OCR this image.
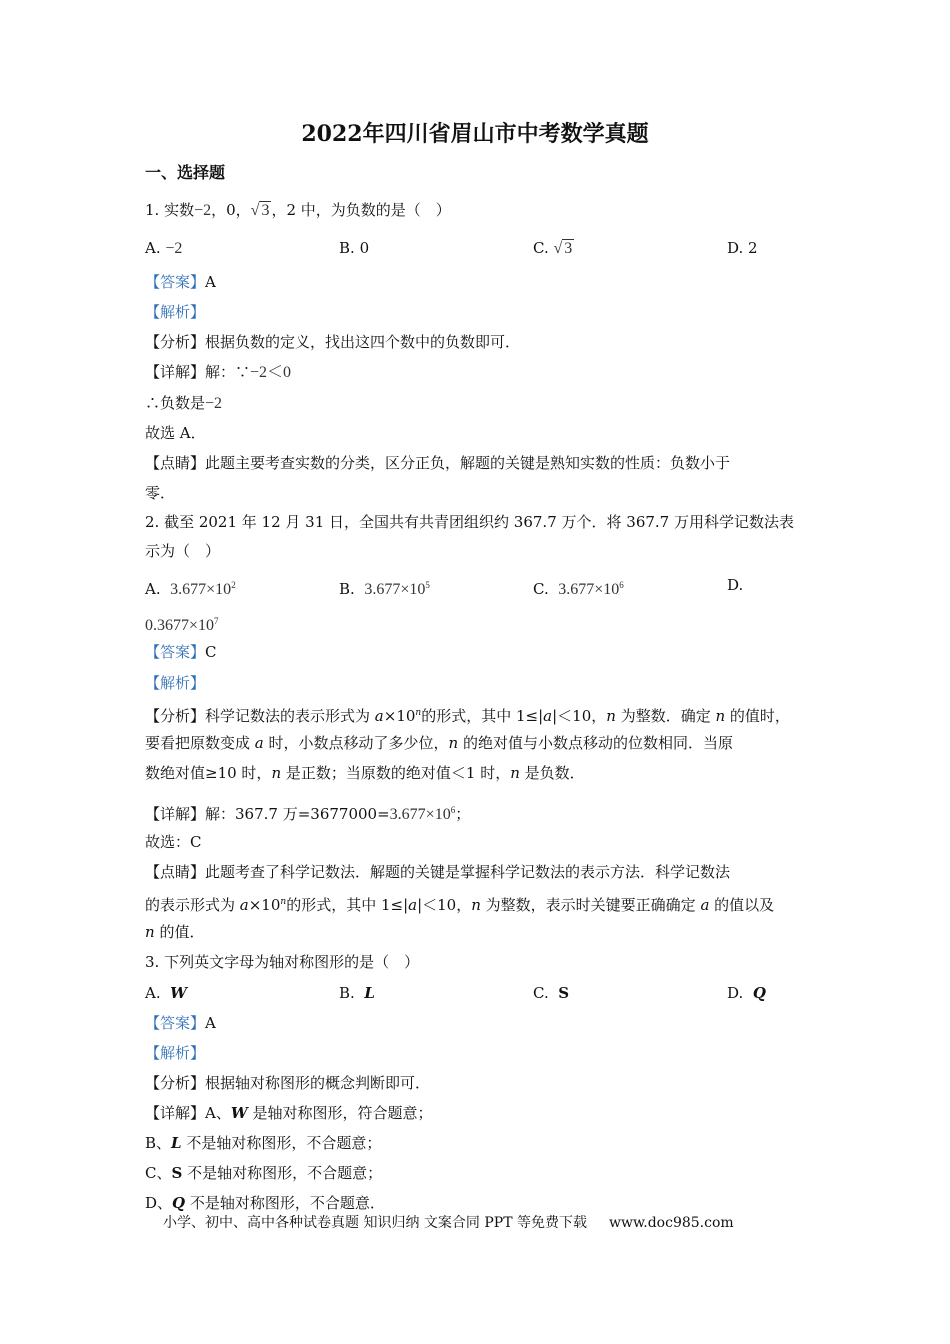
2022年四川省眉山市中考数学真题
一、选择题
1. 实数−2，0，√ 3 ，2 中，为负数的是（　）
A. −2	B. 0	C. √ 3	D. 2
【答案】A
【解析】
【分析】根据负数的定义，找出这四个数中的负数即可．
【详解】解：∵−2＜0
∴负数是−2
故选 A．
【点睛】此题主要考查实数的分类，区分正负，解题的关键是熟知实数的性质：负数小于
零．
2. 截至 2021 年 12 月 31 日，全国共有共青团组织约 367.7 万个．将 367.7 万用科学记数法表
示为（　）
A. $3.677\times 10^2$	B. $3.677\times 10^5$	C. $3.677\times 10^6$	D.
$0.3677\times 10^7$
【答案】C
【解析】
【分析】科学记数法的表示形式为 $a\times 10^n$的形式，其中 1≤|a|＜10，n 为整数．确定 n 的值时，
要看把原数变成 a 时，小数点移动了多少位，n 的绝对值与小数点移动的位数相同．当原
数绝对值≥10 时，n 是正数；当原数的绝对值＜1 时，n 是负数．
【详解】解：367.7 万$=3677000=3.677\times 10^6$；
故选：C
【点睛】此题考查了科学记数法．解题的关键是掌握科学记数法的表示方法．科学记数法
的表示形式为 $a\times 10^n$的形式，其中 1≤|a|＜10，n 为整数，表示时关键要正确确定 a 的值以及
n 的值．
3. 下列英文字母为轴对称图形的是（　）
A. W	B. L	C. S	D. Q
【答案】A
【解析】
【分析】根据轴对称图形的概念判断即可．
【详解】A、W 是轴对称图形，符合题意；
B、L 不是轴对称图形，不合题意；
C、S 不是轴对称图形，不合题意；
D、Q 不是轴对称图形，不合题意．
小学、初中、高中各种试卷真题 知识归纳 文案合同 PPT 等免费下载 www.doc985.com
